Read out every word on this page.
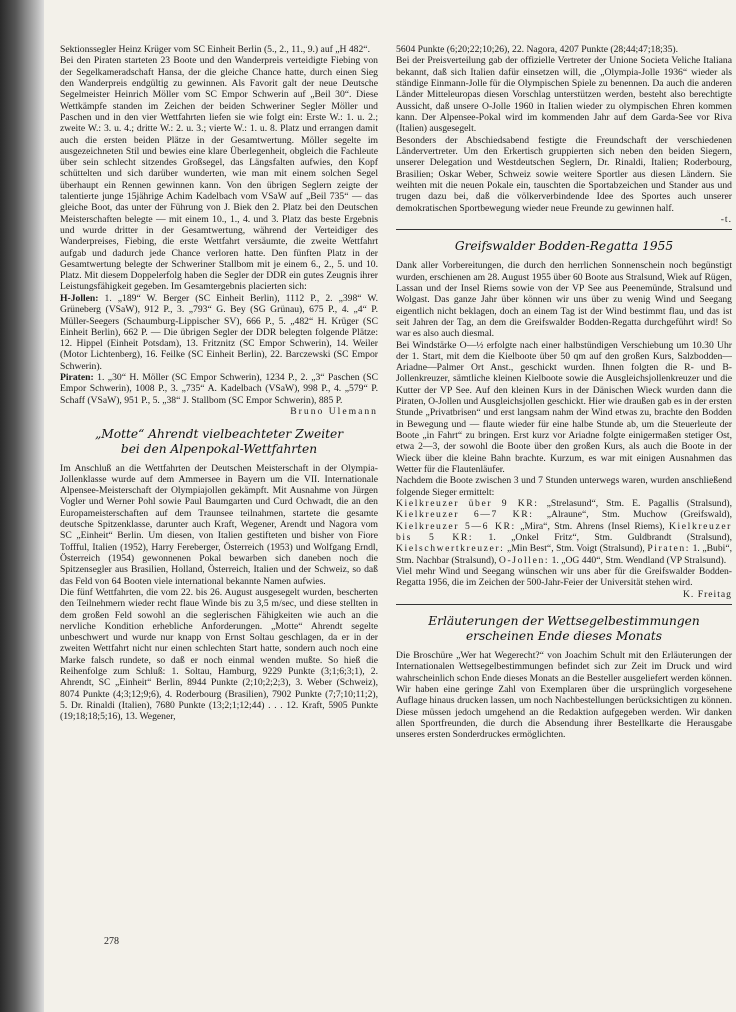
Sektionssegler Heinz Krüger vom SC Einheit Berlin (5., 2., 11., 9.) auf „H 482“.

Bei den Piraten starteten 23 Boote und den Wanderpreis verteidigte Fiebing von der Segelkameradschaft Hansa, der die gleiche Chance hatte, durch einen Sieg den Wanderpreis endgültig zu gewinnen. Als Favorit galt der neue Deutsche Segelmeister Heinrich Möller vom SC Empor Schwerin auf „Beil 30“. Diese Wettkämpfe standen im Zeichen der beiden Schweriner Segler Möller und Paschen und in den vier Wettfahrten liefen sie wie folgt ein: Erste W.: 1. u. 2.; zweite W.: 3. u. 4.; dritte W.: 2. u. 3.; vierte W.: 1. u. 8. Platz und errangen damit auch die ersten beiden Plätze in der Gesamtwertung. Möller segelte im ausgezeichneten Stil und bewies eine klare Überlegenheit, obgleich die Fachleute über sein schlecht sitzendes Großsegel, das Längsfalten aufwies, den Kopf schüttelten und sich darüber wunderten, wie man mit einem solchen Segel überhaupt ein Rennen gewinnen kann. Von den übrigen Seglern zeigte der talentierte junge 15jährige Achim Kadelbach vom VSaW auf „Beil 735“ — das gleiche Boot, das unter der Führung von J. Biek den 2. Platz bei den Deutschen Meisterschaften belegte — mit einem 10., 1., 4. und 3. Platz das beste Ergebnis und wurde dritter in der Gesamtwertung, während der Verteidiger des Wanderpreises, Fiebing, die erste Wettfahrt versäumte, die zweite Wettfahrt aufgab und dadurch jede Chance verloren hatte. Den fünften Platz in der Gesamtwertung belegte der Schweriner Stallbom mit je einem 6., 2., 5. und 10. Platz. Mit diesem Doppelerfolg haben die Segler der DDR ein gutes Zeugnis ihrer Leistungsfähigkeit gegeben. Im Gesamtergebnis placierten sich:

H-Jollen: 1. „189“ W. Berger (SC Einheit Berlin), 1112 P., 2. „398“ W. Grüneberg (VSaW), 912 P., 3. „793“ G. Bey (SG Grünau), 675 P., 4. „4“ P. Müller-Seegers (Schaumburg-Lippischer SV), 666 P., 5. „482“ H. Krüger (SC Einheit Berlin), 662 P. — Die übrigen Segler der DDR belegten folgende Plätze: 12. Hippel (Einheit Potsdam), 13. Fritznitz (SC Empor Schwerin), 14. Weiler (Motor Lichtenberg), 16. Feilke (SC Einheit Berlin), 22. Barczewski (SC Empor Schwerin).

Piraten: 1. „30“ H. Möller (SC Empor Schwerin), 1234 P., 2. „3“ Paschen (SC Empor Schwerin), 1008 P., 3. „735“ A. Kadelbach (VSaW), 998 P., 4. „579“ P. Schaff (VSaW), 951 P., 5. „38“ J. Stallbom (SC Empor Schwerin), 885 P.

Bruno Ulemann

„Motte“ Ahrendt vielbeachteter Zweiter
bei den Alpenpokal-Wettfahrten

Im Anschluß an die Wettfahrten der Deutschen Meisterschaft in der Olympia-Jollenklasse wurde auf dem Ammersee in Bayern um die VII. Internationale Alpensee-Meisterschaft der Olympiajollen gekämpft. Mit Ausnahme von Jürgen Vogler und Werner Pohl sowie Paul Baumgarten und Curd Ochwadt, die an den Europameisterschaften auf dem Traunsee teilnahmen, startete die gesamte deutsche Spitzenklasse, darunter auch Kraft, Wegener, Arendt und Nagora vom SC „Einheit“ Berlin. Um diesen, von Italien gestifteten und bisher von Fiore Toffful, Italien (1952), Harry Fereberger, Österreich (1953) und Wolfgang Erndl, Österreich (1954) gewonnenen Pokal bewarben sich daneben noch die Spitzensegler aus Brasilien, Holland, Österreich, Italien und der Schweiz, so daß das Feld von 64 Booten viele international bekannte Namen aufwies.

Die fünf Wettfahrten, die vom 22. bis 26. August ausgesegelt wurden, bescherten den Teilnehmern wieder recht flaue Winde bis zu 3,5 m/sec, und diese stellten in dem großen Feld sowohl an die seglerischen Fähigkeiten wie auch an die nervliche Kondition erhebliche Anforderungen. „Motte“ Ahrendt segelte unbeschwert und wurde nur knapp von Ernst Soltau geschlagen, da er in der zweiten Wettfahrt nicht nur einen schlechten Start hatte, sondern auch noch eine Marke falsch rundete, so daß er noch einmal wenden mußte. So hieß die Reihenfolge zum Schluß: 1. Soltau, Hamburg, 9229 Punkte (3;1;6;3;1), 2. Ahrendt, SC „Einheit“ Berlin, 8944 Punkte (2;10;2;2;3), 3. Weber (Schweiz), 8074 Punkte (4;3;12;9;6), 4. Roderbourg (Brasilien), 7902 Punkte (7;7;10;11;2), 5. Dr. Rinaldi (Italien), 7680 Punkte (13;2;1;12;44) . . . 12. Kraft, 5905 Punkte (19;18;18;5;16), 13. Wegener,

5604 Punkte (6;20;22;10;26), 22. Nagora, 4207 Punkte (28;44;47;18;35).

Bei der Preisverteilung gab der offizielle Vertreter der Unione Societa Veliche Italiana bekannt, daß sich Italien dafür einsetzen will, die „Olympia-Jolle 1936“ wieder als ständige Einmann-Jolle für die Olympischen Spiele zu benennen. Da auch die anderen Länder Mitteleuropas diesen Vorschlag unterstützen werden, besteht also berechtigte Aussicht, daß unsere O-Jolle 1960 in Italien wieder zu olympischen Ehren kommen kann. Der Alpensee-Pokal wird im kommenden Jahr auf dem Garda-See vor Riva (Italien) ausgesegelt.

Besonders der Abschiedsabend festigte die Freundschaft der verschiedenen Ländervertreter. Um den Erkertisch gruppierten sich neben den beiden Siegern, unserer Delegation und Westdeutschen Seglern, Dr. Rinaldi, Italien; Roderbourg, Brasilien; Oskar Weber, Schweiz sowie weitere Sportler aus diesen Ländern. Sie weihten mit die neuen Pokale ein, tauschten die Sportabzeichen und Stander aus und trugen dazu bei, daß die völkerverbindende Idee des Sportes auch unserer demokratischen Sportbewegung wieder neue Freunde zu gewinnen half.

-t.

Greifswalder Bodden-Regatta 1955

Dank aller Vorbereitungen, die durch den herrlichen Sonnenschein noch begünstigt wurden, erschienen am 28. August 1955 über 60 Boote aus Stralsund, Wiek auf Rügen, Lassan und der Insel Riems sowie von der VP See aus Peenemünde, Stralsund und Wolgast. Das ganze Jahr über können wir uns über zu wenig Wind und Seegang eigentlich nicht beklagen, doch an einem Tag ist der Wind bestimmt flau, und das ist seit Jahren der Tag, an dem die Greifswalder Bodden-Regatta durchgeführt wird! So war es also auch diesmal.

Bei Windstärke O—½ erfolgte nach einer halbstündigen Verschiebung um 10.30 Uhr der 1. Start, mit dem die Kielboote über 50 qm auf den großen Kurs, Salzbodden—Ariadne—Palmer Ort Anst., geschickt wurden. Ihnen folgten die R- und B-Jollenkreuzer, sämtliche kleinen Kielboote sowie die Ausgleichsjollenkreuzer und die Kutter der VP See. Auf den kleinen Kurs in der Dänischen Wieck wurden dann die Piraten, O-Jollen und Ausgleichsjollen geschickt. Hier wie draußen gab es in der ersten Stunde „Privatbrisen“ und erst langsam nahm der Wind etwas zu, brachte den Bodden in Bewegung und — flaute wieder für eine halbe Stunde ab, um die Steuerleute der Boote „in Fahrt“ zu bringen. Erst kurz vor Ariadne folgte einigermaßen stetiger Ost, etwa 2—3, der sowohl die Boote über den großen Kurs, als auch die Boote in der Wieck über die kleine Bahn brachte. Kurzum, es war mit einigen Ausnahmen das Wetter für die Flautenläufer.

Nachdem die Boote zwischen 3 und 7 Stunden unterwegs waren, wurden anschließend folgende Sieger ermittelt:

Kielkreuzer über 9 KR: „Strelasund“, Stm. E. Pagallis (Stralsund), Kielkreuzer 6—7 KR: „Alraune“, Stm. Muchow (Greifswald), Kielkreuzer 5—6 KR: „Mira“, Stm. Ahrens (Insel Riems), Kielkreuzer bis 5 KR: 1. „Onkel Fritz“, Stm. Guldbrandt (Stralsund), Kielschwertkreuzer: „Min Best“, Stm. Voigt (Stralsund), Piraten: 1. „Bubi“, Stm. Nachbar (Stralsund), O-Jollen: 1. „OG 440“, Stm. Wendland (VP Stralsund).

Viel mehr Wind und Seegang wünschen wir uns aber für die Greifswalder Bodden-Regatta 1956, die im Zeichen der 500-Jahr-Feier der Universität stehen wird.

K. Freitag

Erläuterungen der Wettsegelbestimmungen
erscheinen Ende dieses Monats

Die Broschüre „Wer hat Wegerecht?“ von Joachim Schult mit den Erläuterungen der Internationalen Wettsegelbestimmungen befindet sich zur Zeit im Druck und wird wahrscheinlich schon Ende dieses Monats an die Besteller ausgeliefert werden können. Wir haben eine geringe Zahl von Exemplaren über die ursprünglich vorgesehene Auflage hinaus drucken lassen, um noch Nachbestellungen berücksichtigen zu können. Diese müssen jedoch umgehend an die Redaktion aufgegeben werden. Wir danken allen Sportfreunden, die durch die Absendung ihrer Bestellkarte die Herausgabe unseres ersten Sonderdruckes ermöglichten.

278
